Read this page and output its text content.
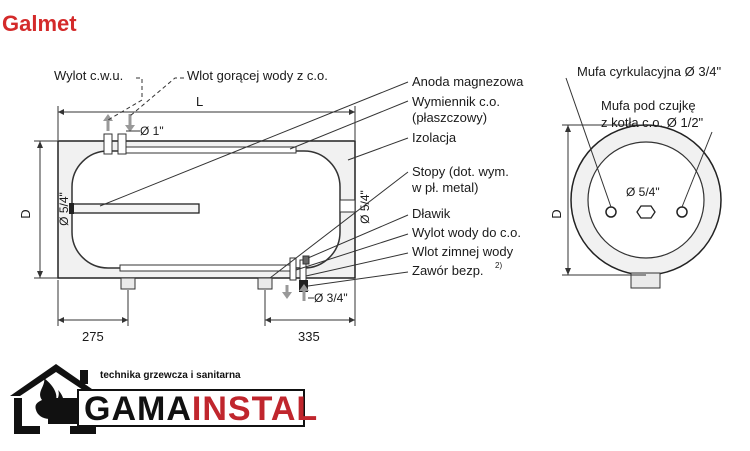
Galmet
L
Ø 1"
D Ø 5/4"	Ø 5/4"
Ø 3/4"
275	335
Wylot c.w.u.	Wlot gorącej wody z c.o.	Anoda magnezowa
Wymiennik c.o.
(płaszczowy)
Izolacja
Stopy (dot. wym.
w pł. metal)
Dławik
Wylot wody do c.o.
Wlot zimnej wody
Zawór bezp. 2)
D
Ø 5/4"
Mufa cyrkulacyjna Ø 3/4"
Mufa pod czujkę
z kotła c.o. Ø 1/2"
technika grzewcza i sanitarna
GAMAINSTAL
